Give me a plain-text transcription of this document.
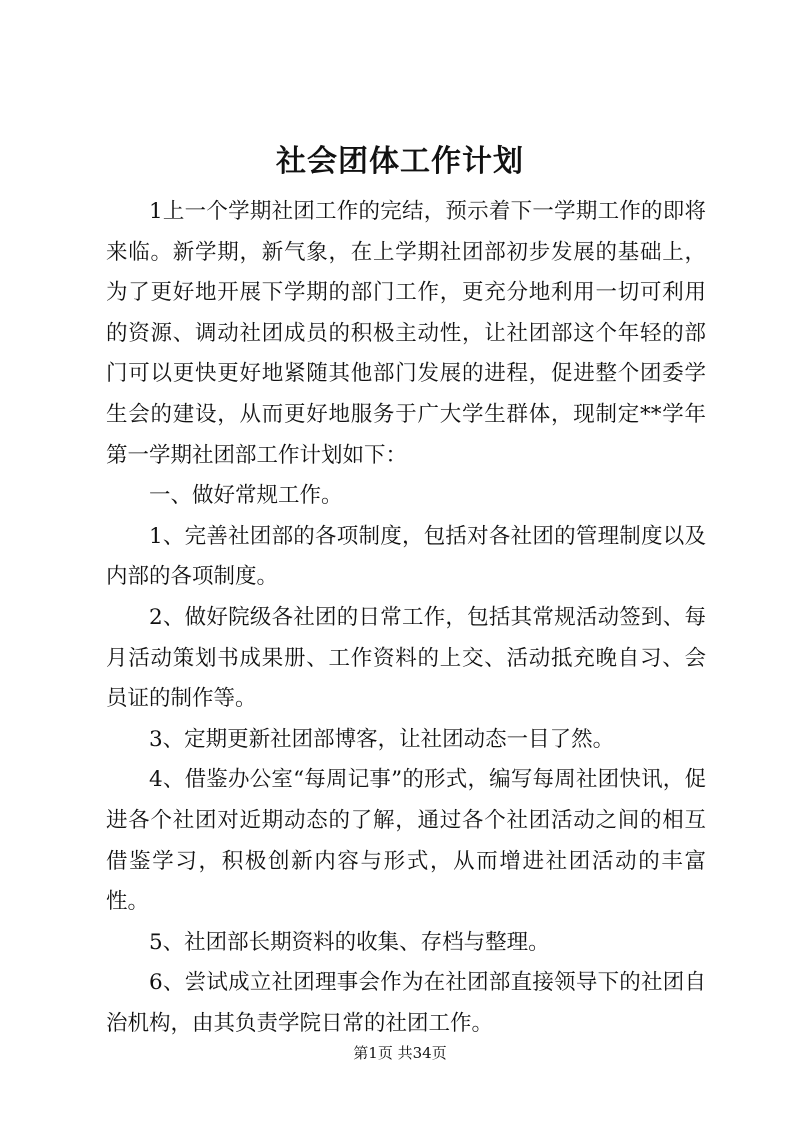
社会团体工作计划

1上一个学期社团工作的完结，预示着下一学期工作的即将来临。新学期，新气象，在上学期社团部初步发展的基础上，为了更好地开展下学期的部门工作，更充分地利用一切可利用的资源、调动社团成员的积极主动性，让社团部这个年轻的部门可以更快更好地紧随其他部门发展的进程，促进整个团委学生会的建设，从而更好地服务于广大学生群体，现制定**学年第一学期社团部工作计划如下：

一、做好常规工作。

1、完善社团部的各项制度，包括对各社团的管理制度以及内部的各项制度。

2、做好院级各社团的日常工作，包括其常规活动签到、每月活动策划书成果册、工作资料的上交、活动抵充晚自习、会员证的制作等。

3、定期更新社团部博客，让社团动态一目了然。

4、借鉴办公室“每周记事”的形式，编写每周社团快讯，促进各个社团对近期动态的了解，通过各个社团活动之间的相互借鉴学习，积极创新内容与形式，从而增进社团活动的丰富性。

5、社团部长期资料的收集、存档与整理。

6、尝试成立社团理事会作为在社团部直接领导下的社团自治机构，由其负责学院日常的社团工作。

第1页 共34页
